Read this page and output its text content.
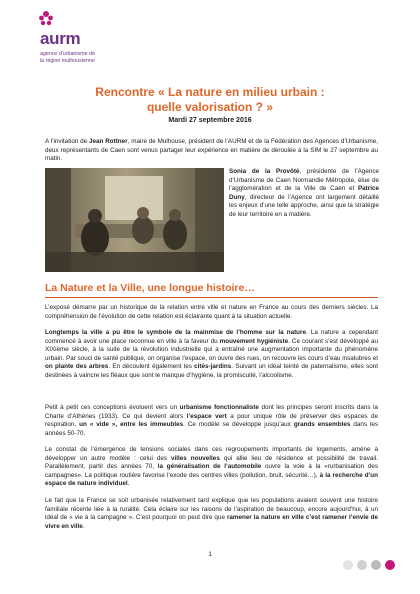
aurm
agence d'urbanisme de
la région mulhousienne
Rencontre « La nature en milieu urbain :
quelle valorisation ? »
Mardi 27 septembre 2016

A l’invitation de Jean Rottner, maire de Mulhouse, président de l’AURM et de la Fédération des Agences d’Urbanisme, deux représentants de Caen sont venus partager leur expérience en matière de déroulée à la SIM le 27 septembre au matin.

Sonia de la Provôté, présidente de l’Agence d’Urbanisme de Caen Normandie Métropole, élue de l’agglomération et de la Ville de Caen et Patrice Duny, directeur de l’Agence ont largement détaillé les enjeux d’une telle approche, ainsi que la stratégie de leur territoire en a matière.

La Nature et la Ville, une longue histoire…

L’exposé démarre par un historique de la relation entre ville et nature en France au cours des derniers siècles. La compréhension de l’évolution de cette relation est éclairante quant à la situation actuelle.

Longtemps la ville a pu être le symbole de la mainmise de l’homme sur la nature. La nature a cependant commencé à avoir une place reconnue en ville à la faveur du mouvement hygiéniste. Ce courant s’est développé au XIXième siècle, à la suite de la révolution industrielle qui a entraîné une augmentation importante du phénomène urbain. Par souci de santé publique, on organise l’espace, on ouvre des rues, on recouvre les cours d’eau insalubres et on plante des arbres. En découlent également les cités-jardins. Suivant un idéal teinté de paternalisme, elles sont destinées à vaincre les fléaux que sont le manque d’hygiène, la promiscuité, l’alcoolisme.

Petit à petit ces conceptions évoluent vers un urbanisme fonctionnaliste dont les principes seront inscrits dans la Charte d’Athènes (1933). Ce qui devient alors l’espace vert a pour unique rôle de préserver des espaces de respiration, un « vide », entre les immeubles. Ce modèle se développe jusqu’aux grands ensembles dans les années 50-70.

Le constat de l’émergence de tensions sociales dans ces regroupements importants de logements, amène à développer un autre modèle : celui des villes nouvelles qui allie lieu de résidence et possibilité de travail. Parallèlement, partir des années 70, la généralisation de l’automobile ouvre la voie à la «rurbanisation des campagnes». La politique routière favorise l’exode des centres villes (pollution, bruit, sécurité…), à la recherche d’un espace de nature individuel.

Le fait que la France se soit urbanisée relativement tard explique que les populations avaient souvent une histoire familiale récente liée à la ruralité. Cela éclaire sur les raisons de l’aspiration de beaucoup, encore aujourd’hui, à un idéal de « vie à la campagne ». C’est pourquoi on peut dire que ramener la nature en ville c’est ramener l’envie de vivre en ville.

1
